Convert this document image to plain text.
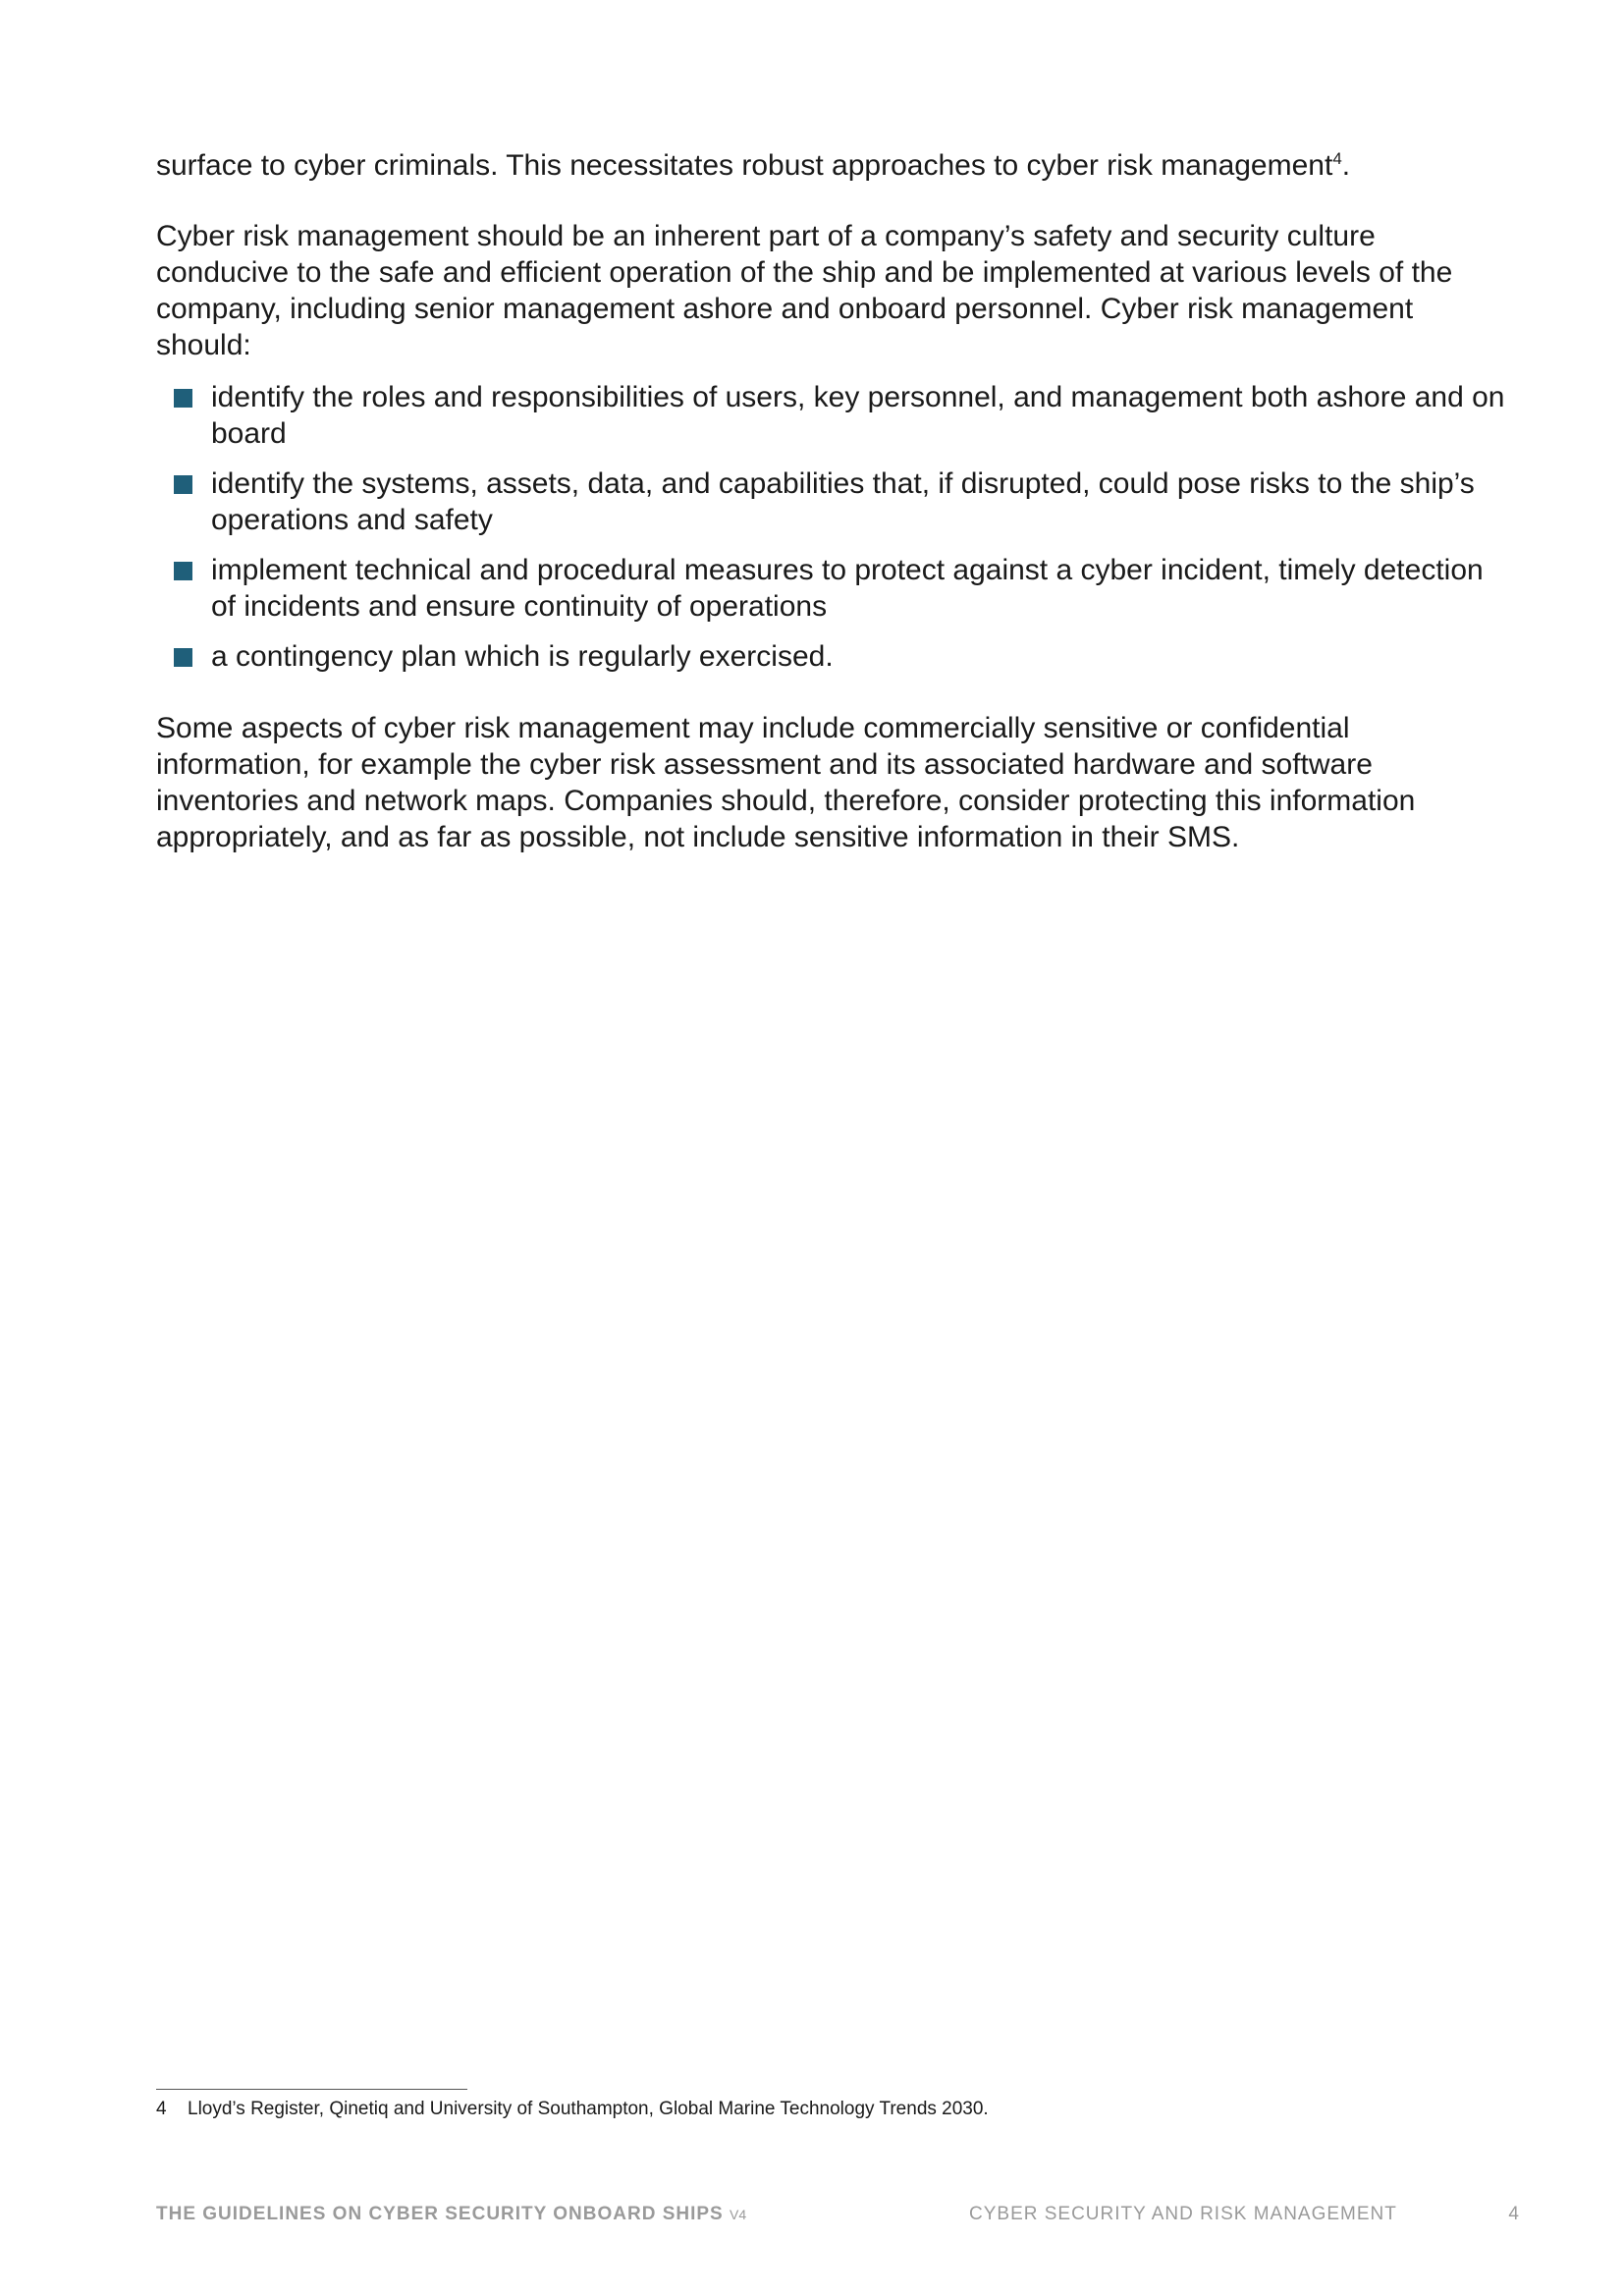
surface to cyber criminals. This necessitates robust approaches to cyber risk management$^4$.

Cyber risk management should be an inherent part of a company’s safety and security culture conducive to the safe and efficient operation of the ship and be implemented at various levels of the company, including senior management ashore and onboard personnel. Cyber risk management should:

identify the roles and responsibilities of users, key personnel, and management both ashore and on board
identify the systems, assets, data, and capabilities that, if disrupted, could pose risks to the ship’s operations and safety
implement technical and procedural measures to protect against a cyber incident, timely detection of incidents and ensure continuity of operations
a contingency plan which is regularly exercised.

Some aspects of cyber risk management may include commercially sensitive or confidential information, for example the cyber risk assessment and its associated hardware and software inventories and network maps. Companies should, therefore, consider protecting this information appropriately, and as far as possible, not include sensitive information in their SMS.

4 Lloyd’s Register, Qinetiq and University of Southampton, Global Marine Technology Trends 2030.
THE GUIDELINES ON CYBER SECURITY ONBOARD SHIPS V4	CYBER SECURITY AND RISK MANAGEMENT	4
